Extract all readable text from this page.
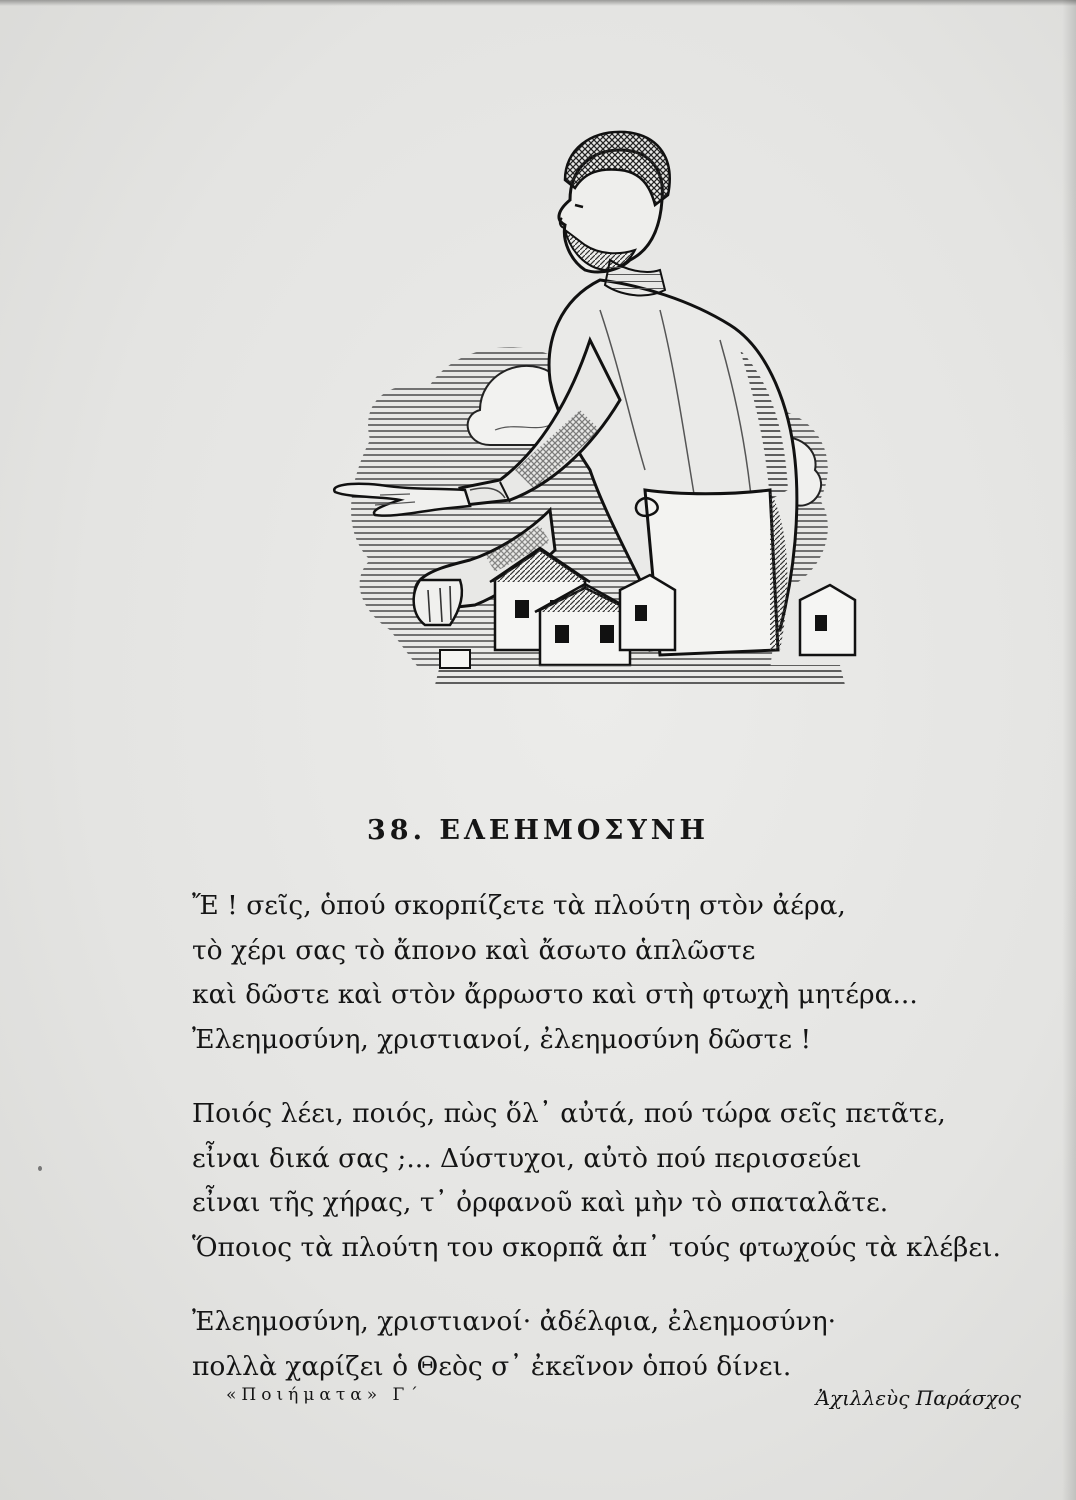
38. ΕΛΕΗΜΟΣΥΝΗ
Ἔ ! σεῖς, ὁπού σκορπίζετε τὰ πλούτη στὸν ἀέρα,
τὸ χέρι σας τὸ ἄπονο καὶ ἄσωτο ἁπλῶστε
καὶ δῶστε καὶ στὸν ἄρρωστο καὶ στὴ φτωχὴ μητέρα...
Ἐλεημοσύνη, χριστιανοί, ἐλεημοσύνη δῶστε !
Ποιός λέει, ποιός, πὼς ὅλ᾽ αὐτά, πού τώρα σεῖς πετᾶτε,
εἶναι δικά σας ;... Δύστυχοι, αὐτὸ πού περισσεύει
εἶναι τῆς χήρας, τ᾽ ὀρφανοῦ καὶ μὴν τὸ σπαταλᾶτε.
Ὅποιος τὰ πλούτη του σκορπᾶ ἀπ᾽ τούς φτωχούς τὰ κλέβει.
Ἐλεημοσύνη, χριστιανοί· ἀδέλφια, ἐλεημοσύνη·
πολλὰ χαρίζει ὁ Θεὸς σ᾽ ἐκεῖνον ὁπού δίνει.
«Ποιήματα» Γ΄	Ἀχιλλεὺς Παράσχος
